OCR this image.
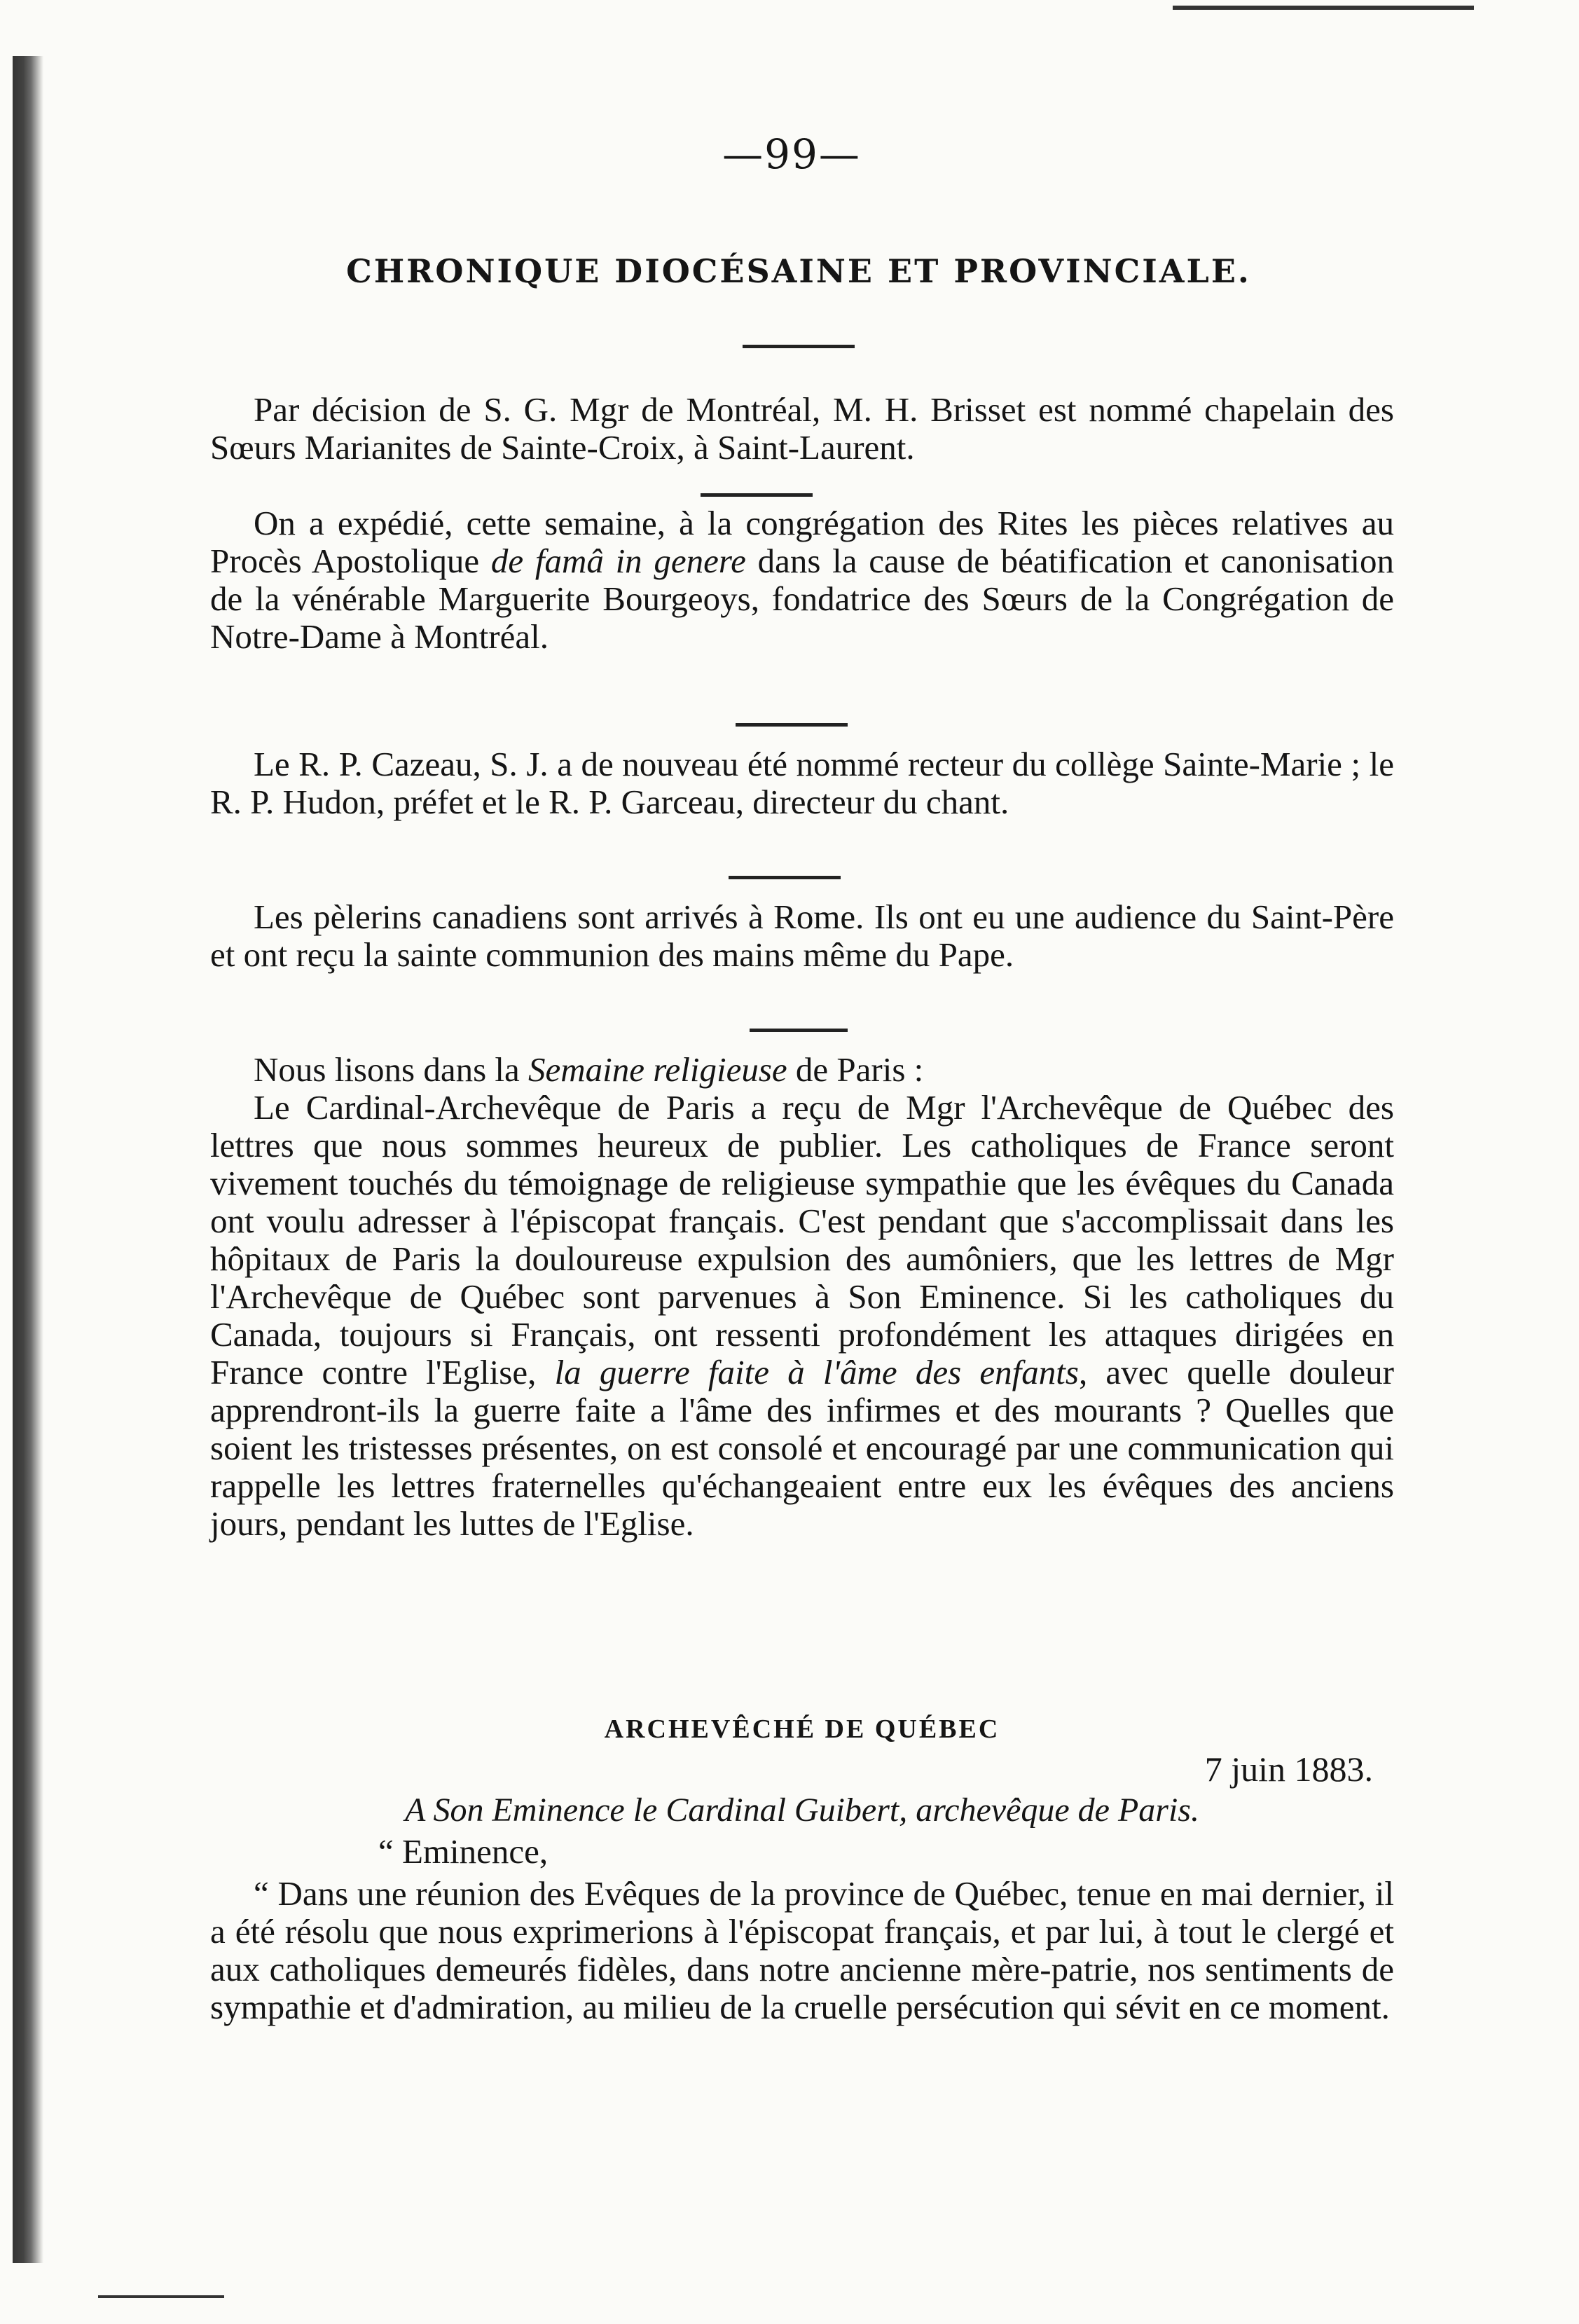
—99—
CHRONIQUE DIOCÉSAINE ET PROVINCIALE.

Par décision de S. G. Mgr de Montréal, M. H. Brisset est nommé chapelain des Sœurs Marianites de Sainte-Croix, à Saint-Laurent.

On a expédié, cette semaine, à la congrégation des Rites les pièces relatives au Procès Apostolique de famâ in genere dans la cause de béatification et canonisation de la vénérable Marguerite Bourgeoys, fondatrice des Sœurs de la Congrégation de Notre-Dame à Montréal.

Le R. P. Cazeau, S. J. a de nouveau été nommé recteur du collège Sainte-Marie ; le R. P. Hudon, préfet et le R. P. Garceau, directeur du chant.

Les pèlerins canadiens sont arrivés à Rome. Ils ont eu une audience du Saint-Père et ont reçu la sainte communion des mains même du Pape.

Nous lisons dans la Semaine religieuse de Paris :

Le Cardinal-Archevêque de Paris a reçu de Mgr l'Archevêque de Québec des lettres que nous sommes heureux de publier. Les catholiques de France seront vivement touchés du témoignage de religieuse sympathie que les évêques du Canada ont voulu adresser à l'épiscopat français. C'est pendant que s'accomplissait dans les hôpitaux de Paris la douloureuse expulsion des aumôniers, que les lettres de Mgr l'Archevêque de Québec sont parvenues à Son Eminence. Si les catholiques du Canada, toujours si Français, ont ressenti profondément les attaques dirigées en France contre l'Eglise, la guerre faite à l'âme des enfants, avec quelle douleur apprendront-ils la guerre faite a l'âme des infirmes et des mourants ? Quelles que soient les tristesses présentes, on est consolé et encouragé par une communication qui rappelle les lettres fraternelles qu'échangeaient entre eux les évêques des anciens jours, pendant les luttes de l'Eglise.

ARCHEVÊCHÉ DE QUÉBEC
7 juin 1883.
A Son Eminence le Cardinal Guibert, archevêque de Paris.
“ Eminence,

“ Dans une réunion des Evêques de la province de Québec, tenue en mai dernier, il a été résolu que nous exprimerions à l'épiscopat français, et par lui, à tout le clergé et aux catholiques demeurés fidèles, dans notre ancienne mère-patrie, nos sentiments de sympathie et d'admiration, au milieu de la cruelle persécution qui sévit en ce moment.
